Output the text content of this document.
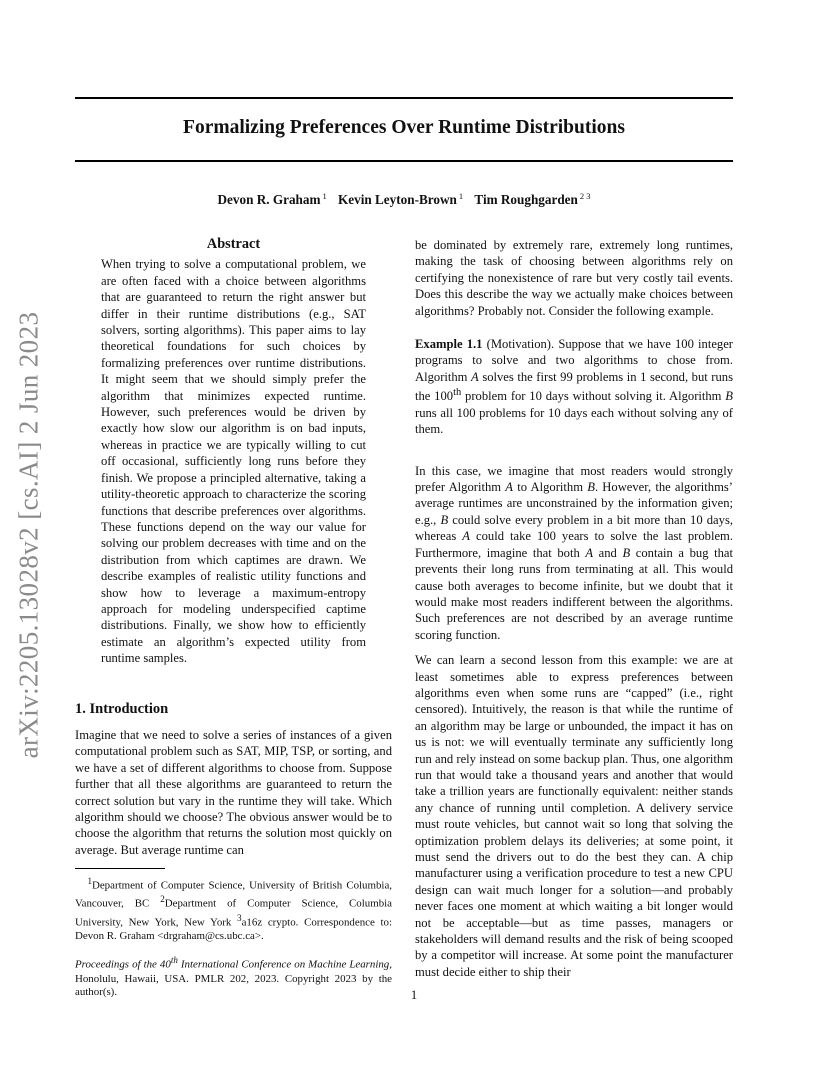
Formalizing Preferences Over Runtime Distributions
Devon R. Graham $^1$ Kevin Leyton-Brown $^1$ Tim Roughgarden $^{2 3}$
arXiv:2205.13028v2 [cs.AI] 2 Jun 2023
Abstract

When trying to solve a computational problem, we are often faced with a choice between algorithms that are guaranteed to return the right answer but differ in their runtime distributions (e.g., SAT solvers, sorting algorithms). This paper aims to lay theoretical foundations for such choices by formalizing preferences over runtime distributions. It might seem that we should simply prefer the algorithm that minimizes expected runtime. However, such preferences would be driven by exactly how slow our algorithm is on bad inputs, whereas in practice we are typically willing to cut off occasional, sufficiently long runs before they finish. We propose a principled alternative, taking a utility-theoretic approach to characterize the scoring functions that describe preferences over algorithms. These functions depend on the way our value for solving our problem decreases with time and on the distribution from which captimes are drawn. We describe examples of realistic utility functions and show how to leverage a maximum-entropy approach for modeling underspecified captime distributions. Finally, we show how to efficiently estimate an algorithm’s expected utility from runtime samples.

1. Introduction

Imagine that we need to solve a series of instances of a given computational problem such as SAT, MIP, TSP, or sorting, and we have a set of different algorithms to choose from. Suppose further that all these algorithms are guaranteed to return the correct solution but vary in the runtime they will take. Which algorithm should we choose? The obvious answer would be to choose the algorithm that returns the solution most quickly on average. But average runtime can

$^1$Department of Computer Science, University of British Columbia, Vancouver, BC $^2$Department of Computer Science, Columbia University, New York, New York $^3$a16z crypto. Correspondence to: Devon R. Graham <drgraham@cs.ubc.ca>.
Proceedings of the 40th International Conference on Machine Learning, Honolulu, Hawaii, USA. PMLR 202, 2023. Copyright 2023 by the author(s).

be dominated by extremely rare, extremely long runtimes, making the task of choosing between algorithms rely on certifying the nonexistence of rare but very costly tail events. Does this describe the way we actually make choices between algorithms? Probably not. Consider the following example.

Example 1.1 (Motivation). Suppose that we have 100 integer programs to solve and two algorithms to chose from. Algorithm A solves the first 99 problems in 1 second, but runs the 100th problem for 10 days without solving it. Algorithm B runs all 100 problems for 10 days each without solving any of them.

In this case, we imagine that most readers would strongly prefer Algorithm A to Algorithm B. However, the algorithms’ average runtimes are unconstrained by the information given; e.g., B could solve every problem in a bit more than 10 days, whereas A could take 100 years to solve the last problem. Furthermore, imagine that both A and B contain a bug that prevents their long runs from terminating at all. This would cause both averages to become infinite, but we doubt that it would make most readers indifferent between the algorithms. Such preferences are not described by an average runtime scoring function.

We can learn a second lesson from this example: we are at least sometimes able to express preferences between algorithms even when some runs are “capped” (i.e., right censored). Intuitively, the reason is that while the runtime of an algorithm may be large or unbounded, the impact it has on us is not: we will eventually terminate any sufficiently long run and rely instead on some backup plan. Thus, one algorithm run that would take a thousand years and another that would take a trillion years are functionally equivalent: neither stands any chance of running until completion. A delivery service must route vehicles, but cannot wait so long that solving the optimization problem delays its deliveries; at some point, it must send the drivers out to do the best they can. A chip manufacturer using a verification procedure to test a new CPU design can wait much longer for a solution—and probably never faces one moment at which waiting a bit longer would not be acceptable—but as time passes, managers or stakeholders will demand results and the risk of being scooped by a competitor will increase. At some point the manufacturer must decide either to ship their

1
